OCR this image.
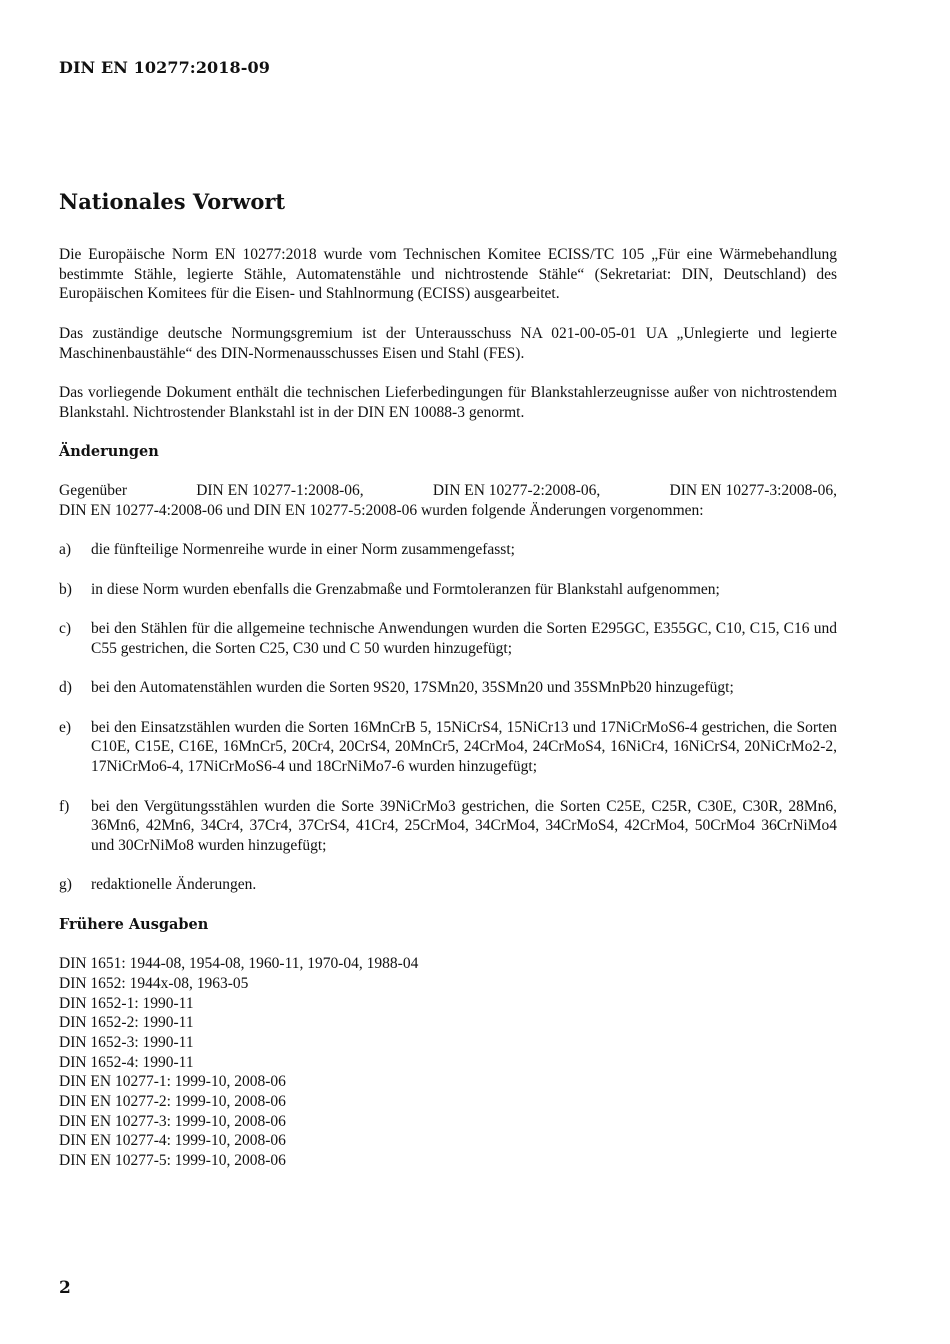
DIN EN 10277:2018-09
Nationales Vorwort

Die Europäische Norm EN 10277:2018 wurde vom Technischen Komitee ECISS/TC 105 „Für eine Wärmebehandlung bestimmte Stähle, legierte Stähle, Automatenstähle und nichtrostende Stähle“ (Sekretariat: DIN, Deutschland) des Europäischen Komitees für die Eisen- und Stahlnormung (ECISS) ausgearbeitet.

Das zuständige deutsche Normungsgremium ist der Unterausschuss NA 021-00-05-01 UA „Unlegierte und legierte Maschinenbaustähle“ des DIN-Normenausschusses Eisen und Stahl (FES).

Das vorliegende Dokument enthält die technischen Lieferbedingungen für Blankstahlerzeugnisse außer von nichtrostendem Blankstahl. Nichtrostender Blankstahl ist in der DIN EN 10088-3 genormt.

Änderungen
Gegenüber	DIN EN 10277-1:2008-06,	DIN EN 10277-2:2008-06,	DIN EN 10277-3:2008-06,
DIN EN 10277-4:2008-06 und DIN EN 10277-5:2008-06 wurden folgende Änderungen vorgenommen:
a) die fünfteilige Normenreihe wurde in einer Norm zusammengefasst;
b) in diese Norm wurden ebenfalls die Grenzabmaße und Formtoleranzen für Blankstahl aufgenommen;
c) bei den Stählen für die allgemeine technische Anwendungen wurden die Sorten E295GC, E355GC, C10, C15, C16 und C55 gestrichen, die Sorten C25, C30 und C 50 wurden hinzugefügt;
d) bei den Automatenstählen wurden die Sorten 9S20, 17SMn20, 35SMn20 und 35SMnPb20 hinzugefügt;
e) bei den Einsatzstählen wurden die Sorten 16MnCrB 5, 15NiCrS4, 15NiCr13 und 17NiCrMoS6-4 gestrichen, die Sorten C10E, C15E, C16E, 16MnCr5, 20Cr4, 20CrS4, 20MnCr5, 24CrMo4, 24CrMoS4, 16NiCr4, 16NiCrS4, 20NiCrMo2-2, 17NiCrMo6-4, 17NiCrMoS6-4 und 18CrNiMo7-6 wurden hinzugefügt;
f) bei den Vergütungsstählen wurden die Sorte 39NiCrMo3 gestrichen, die Sorten C25E, C25R, C30E, C30R, 28Mn6, 36Mn6, 42Mn6, 34Cr4, 37Cr4, 37CrS4, 41Cr4, 25CrMo4, 34CrMo4, 34CrMoS4, 42CrMo4, 50CrMo4 36CrNiMo4 und 30CrNiMo8 wurden hinzugefügt;
g) redaktionelle Änderungen.
Frühere Ausgaben
DIN 1651: 1944-08, 1954-08, 1960-11, 1970-04, 1988-04
DIN 1652: 1944x-08, 1963-05
DIN 1652-1: 1990-11
DIN 1652-2: 1990-11
DIN 1652-3: 1990-11
DIN 1652-4: 1990-11
DIN EN 10277-1: 1999-10, 2008-06
DIN EN 10277-2: 1999-10, 2008-06
DIN EN 10277-3: 1999-10, 2008-06
DIN EN 10277-4: 1999-10, 2008-06
DIN EN 10277-5: 1999-10, 2008-06
2
